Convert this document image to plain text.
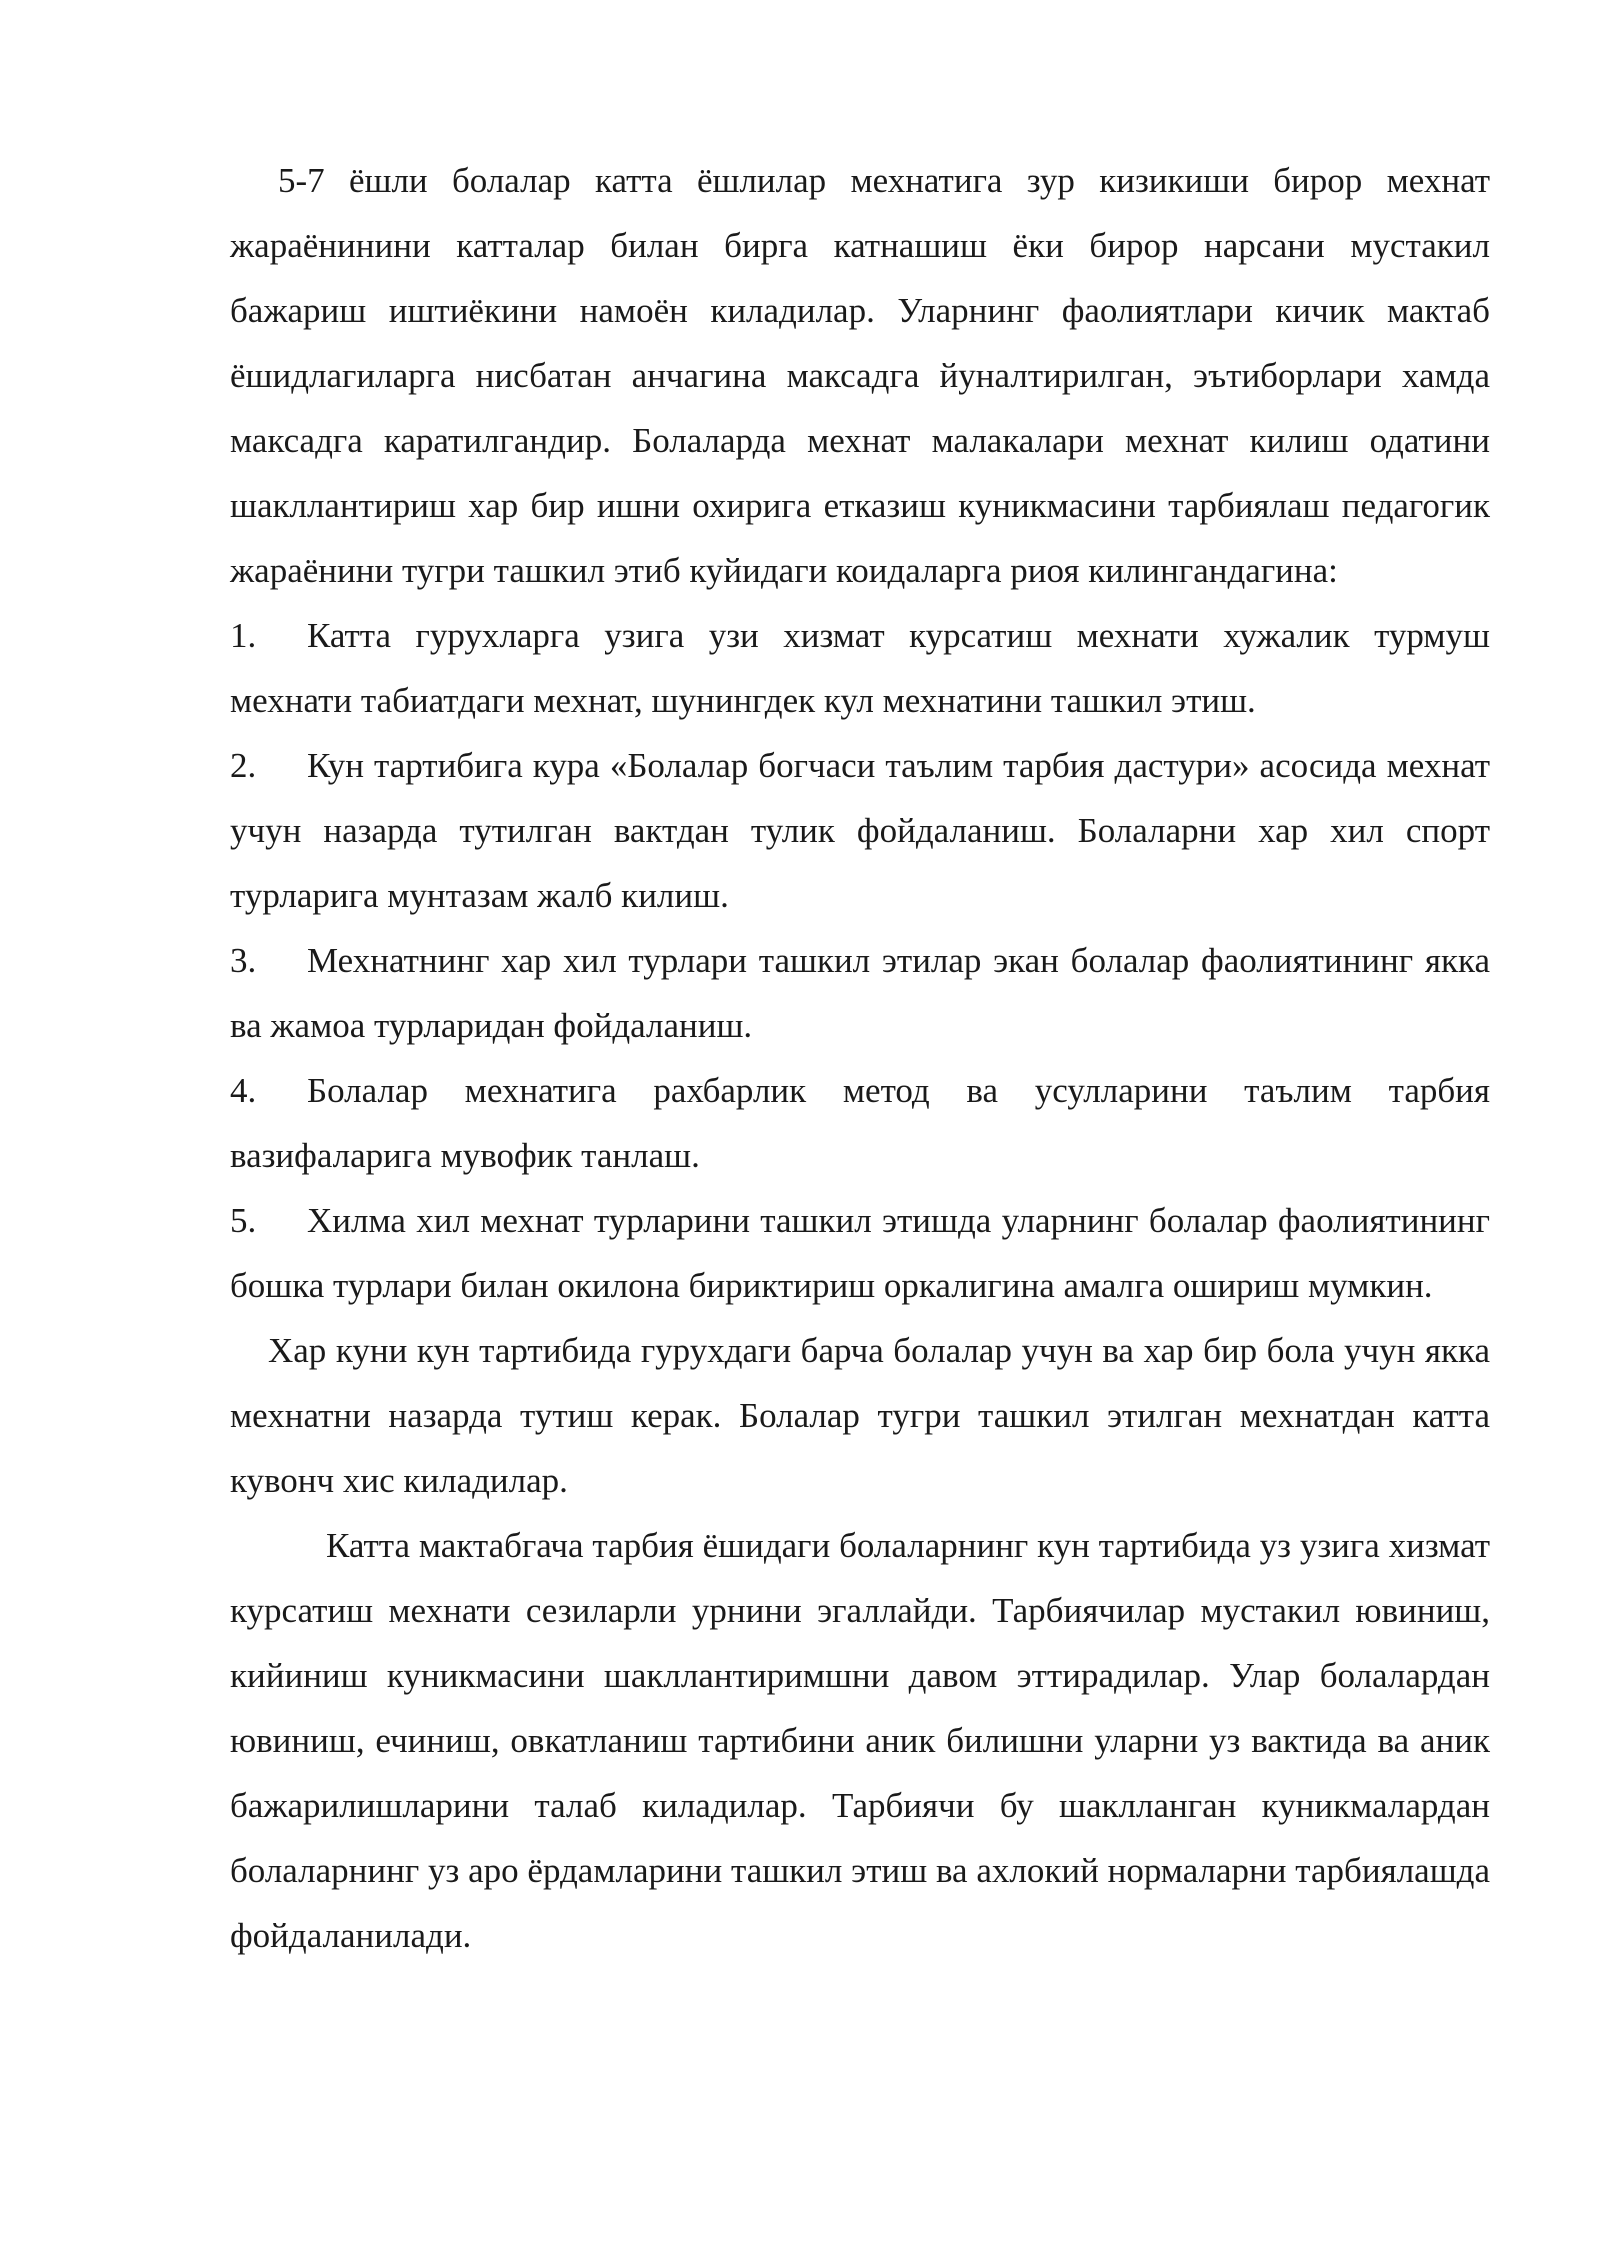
5-7 ёшли болалар катта ёшлилар мехнатига зур кизикиши бирор мехнат жараёнинини катталар билан бирга катнашиш ёки бирор нарсани мустакил бажариш иштиёкини намоён киладилар. Уларнинг фаолиятлари кичик мактаб ёшидлагиларга нисбатан анчагина максадга йуналтирилган, эътиборлари хамда максадга каратилгандир. Болаларда мехнат малакалари мехнат килиш одатини шакллантириш хар бир ишни охирига етказиш куникмасини тарбиялаш педагогик жараёнини тугри ташкил этиб куйидаги коидаларга риоя килингандагина:

1. Катта гурухларга узига узи хизмат курсатиш мехнати хужалик турмуш мехнати табиатдаги мехнат, шунингдек кул мехнатини ташкил этиш.

2. Кун тартибига кура «Болалар богчаси таълим тарбия дастури» асосида мехнат учун назарда тутилган вактдан тулик фойдаланиш. Болаларни хар хил спорт турларига мунтазам жалб килиш.

3. Мехнатнинг хар хил турлари ташкил этилар экан болалар фаолиятининг якка ва жамоа турларидан фойдаланиш.

4. Болалар мехнатига рахбарлик метод ва усулларини таълим тарбия вазифаларига мувофик танлаш.

5. Хилма хил мехнат турларини ташкил этишда уларнинг болалар фаолиятининг бошка турлари билан окилона бириктириш оркалигина амалга ошириш мумкин.

Хар куни кун тартибида гурухдаги барча болалар учун ва хар бир бола учун якка мехнатни назарда тутиш керак. Болалар тугри ташкил этилган мехнатдан катта кувонч хис киладилар.

Катта мактабгача тарбия ёшидаги болаларнинг кун тартибида уз узига хизмат курсатиш мехнати сезиларли урнини эгаллайди. Тарбиячилар мустакил ювиниш, кийиниш куникмасини шакллантиримшни давом эттирадилар. Улар болалардан ювиниш, ечиниш, овкатланиш тартибини аник билишни уларни уз вактида ва аник бажарилишларини талаб киладилар. Тарбиячи бу шаклланган куникмалардан болаларнинг уз аро ёрдамларини ташкил этиш ва ахлокий нормаларни тарбиялашда фойдаланилади.
